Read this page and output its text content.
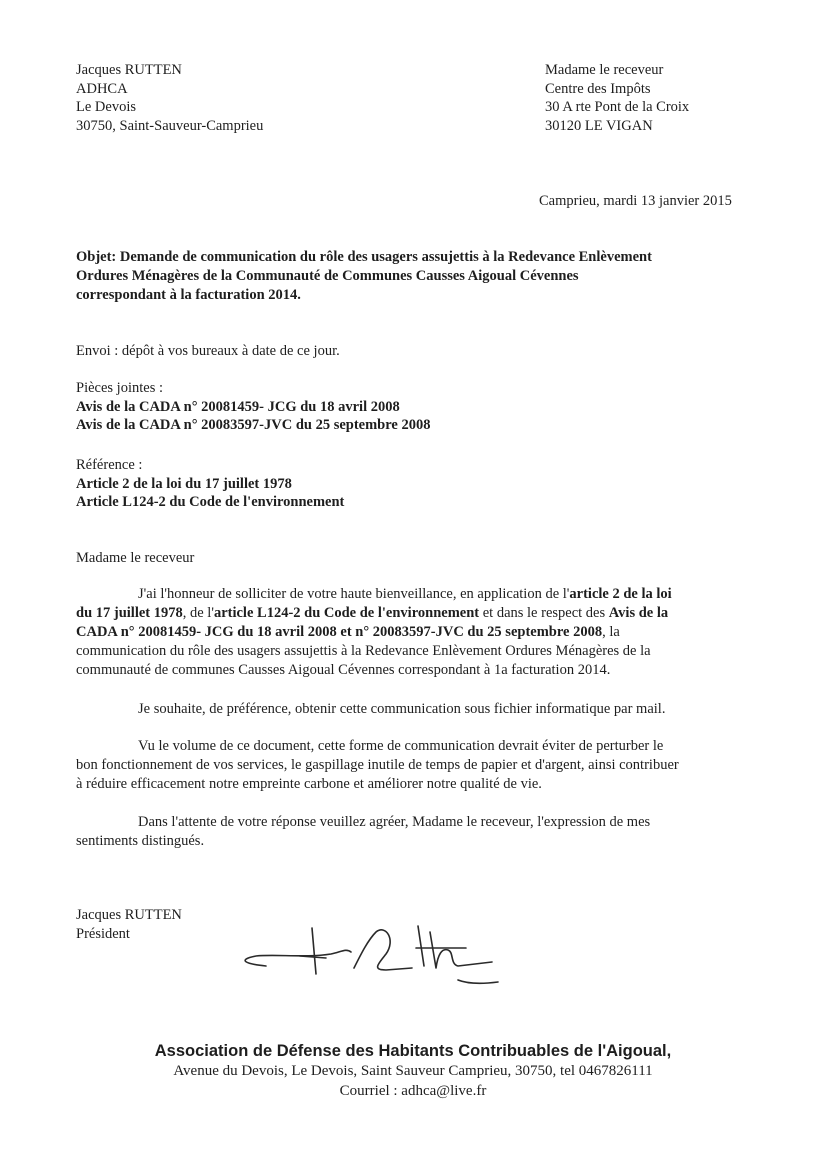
Jacques RUTTEN
ADHCA
Le Devois
30750, Saint-Sauveur-Camprieu
Madame le receveur
Centre des Impôts
30 A rte Pont de la Croix
30120 LE VIGAN
Camprieu, mardi 13 janvier 2015
Objet: Demande de communication du rôle des usagers assujettis à la Redevance Enlèvement
Ordures Ménagères de la Communauté de Communes Causses Aigoual Cévennes
correspondant à la facturation 2014.
Envoi : dépôt à vos bureaux à date de ce jour.
Pièces jointes :
Avis de la CADA n° 20081459- JCG du 18 avril 2008
Avis de la CADA n° 20083597-JVC du 25 septembre 2008
Référence :
Article 2 de la loi du 17 juillet 1978
Article L124-2 du Code de l'environnement
Madame le receveur
J'ai l'honneur de solliciter de votre haute bienveillance, en application de l'article 2 de la loi
du 17 juillet 1978, de l'article L124-2 du Code de l'environnement et dans le respect des Avis de la
CADA n° 20081459- JCG du 18 avril 2008 et n° 20083597-JVC du 25 septembre 2008, la
communication du rôle des usagers assujettis à la Redevance Enlèvement Ordures Ménagères de la
communauté de communes Causses Aigoual Cévennes correspondant à 1a facturation 2014.
Je souhaite, de préférence, obtenir cette communication sous fichier informatique par mail.
Vu le volume de ce document, cette forme de communication devrait éviter de perturber le
bon fonctionnement de vos services, le gaspillage inutile de temps de papier et d'argent, ainsi contribuer
à réduire efficacement notre empreinte carbone et améliorer notre qualité de vie.
Dans l'attente de votre réponse veuillez agréer, Madame le receveur, l'expression de mes
sentiments distingués.
Jacques RUTTEN
Président
Association de Défense des Habitants Contribuables de l'Aigoual,
Avenue du Devois, Le Devois, Saint Sauveur Camprieu, 30750, tel 0467826111
Courriel : adhca@live.fr
